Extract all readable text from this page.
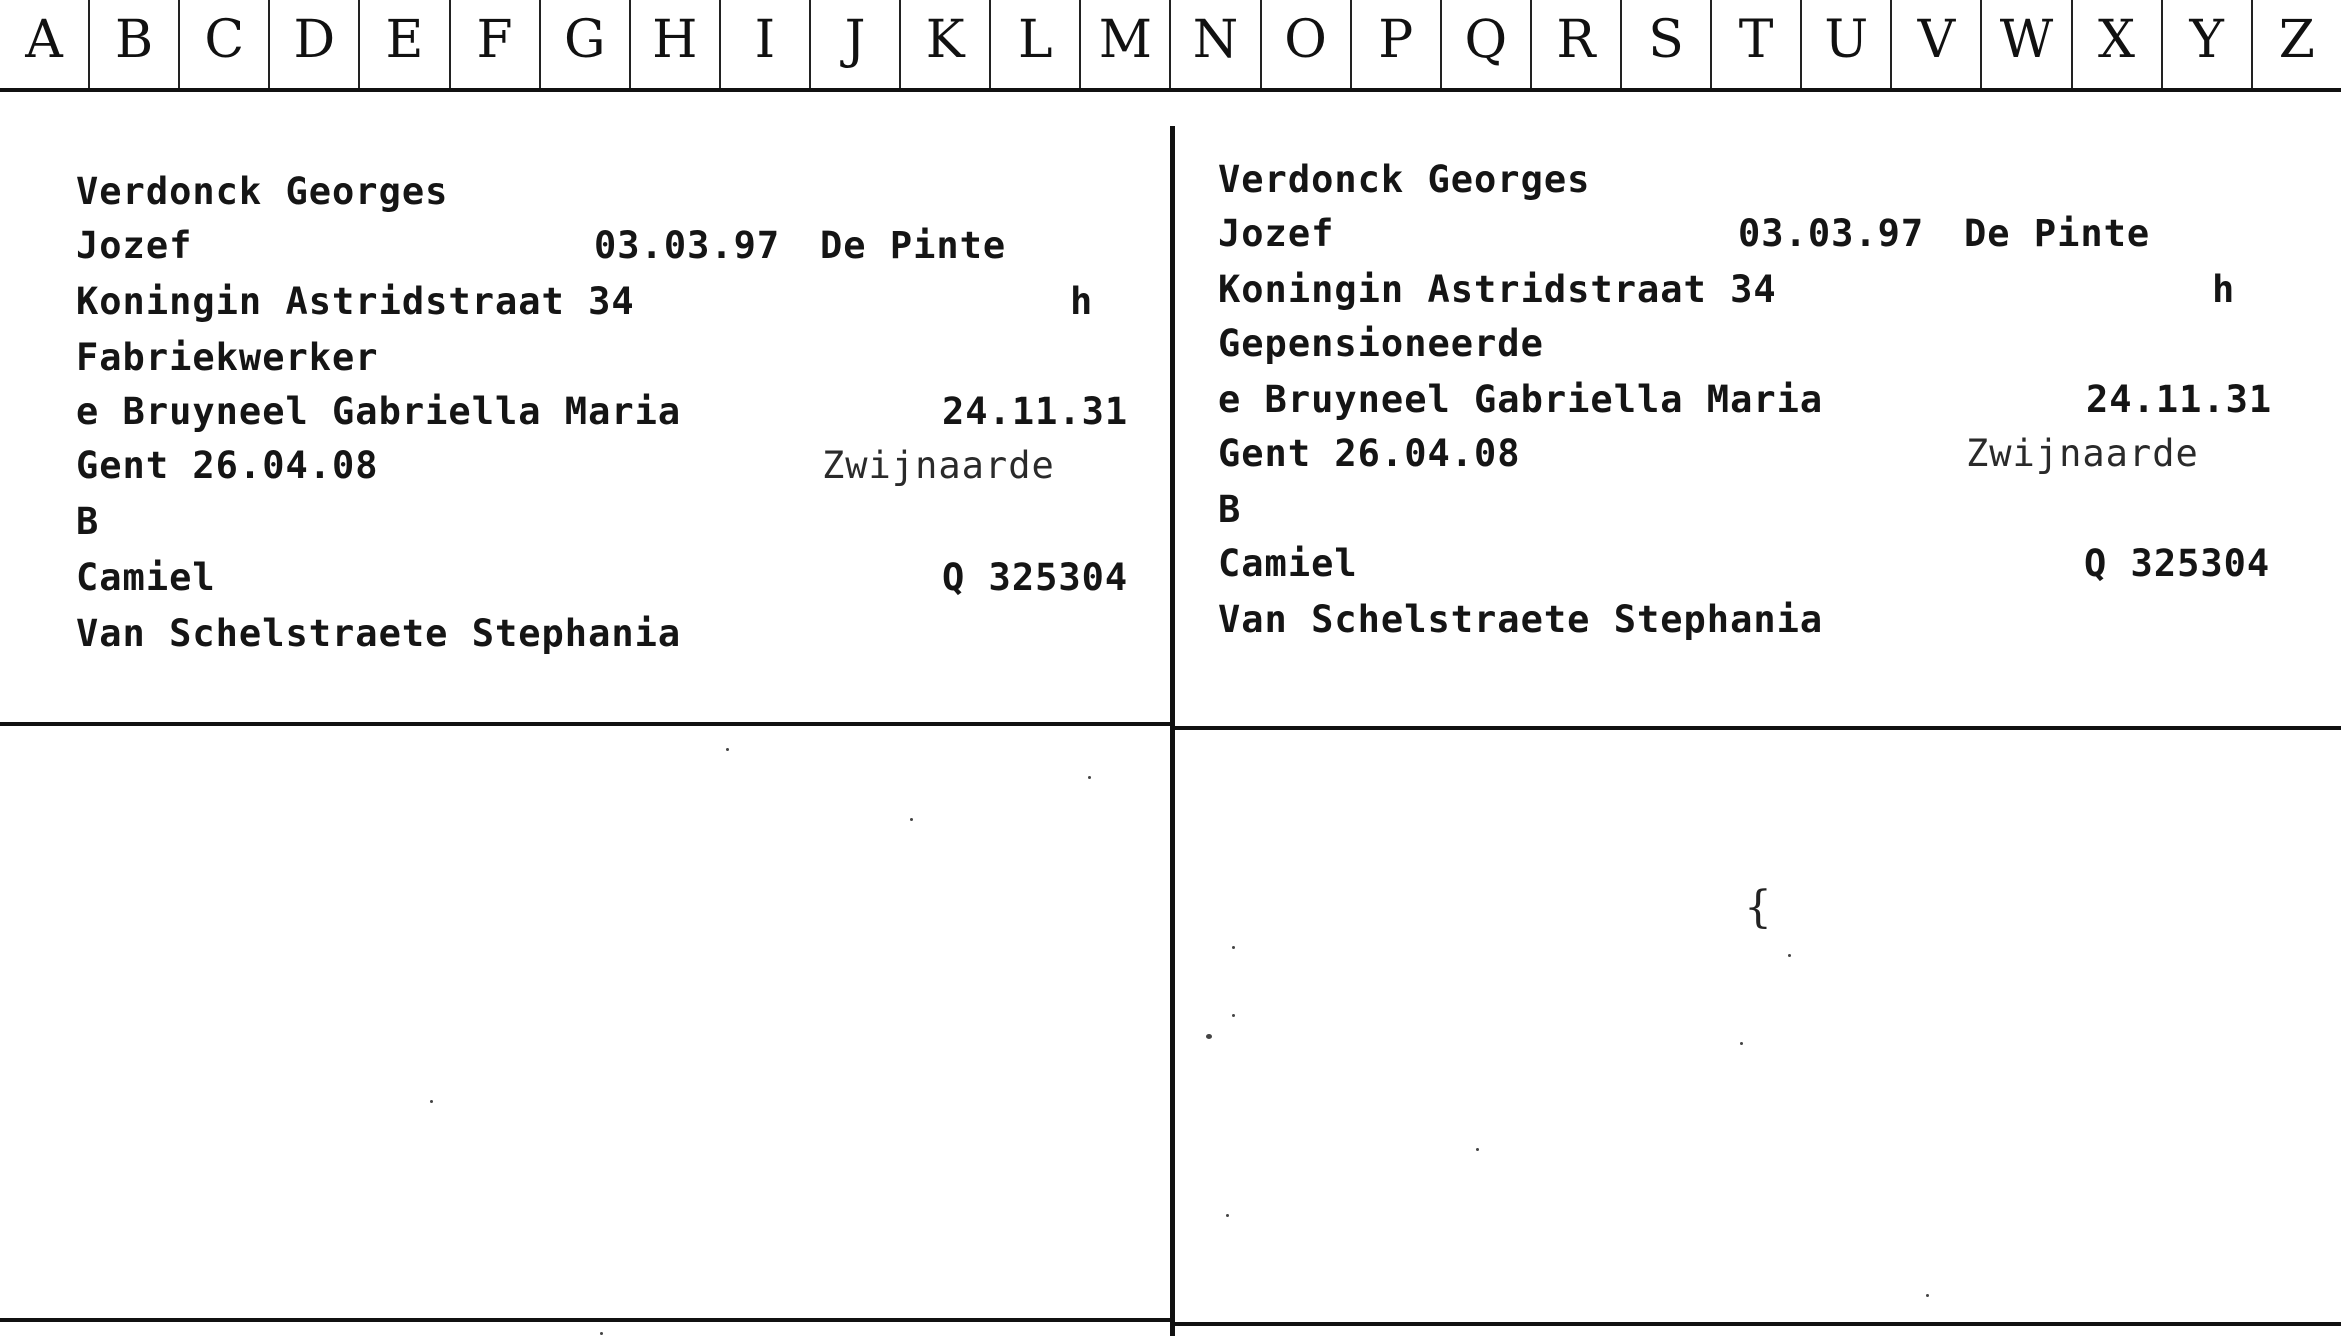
A	B C D E	F G H	I	J	K	L M N O P Q R	S	T U V W X	Y	Z
Verdonck Georges
Jozef	03.03.97 De Pinte
Koningin Astridstraat 34	h
Fabriekwerker
e Bruyneel Gabriella Maria	24.11.31
Gent 26.04.08	Zwijnaarde
B
Camiel	Q 325304
Van Schelstraete Stephania
Verdonck Georges
Jozef	03.03.97 De Pinte
Koningin Astridstraat 34	h
Gepensioneerde
e Bruyneel Gabriella Maria	24.11.31
Gent 26.04.08	Zwijnaarde
B
Camiel	Q 325304
Van Schelstraete Stephania
{
